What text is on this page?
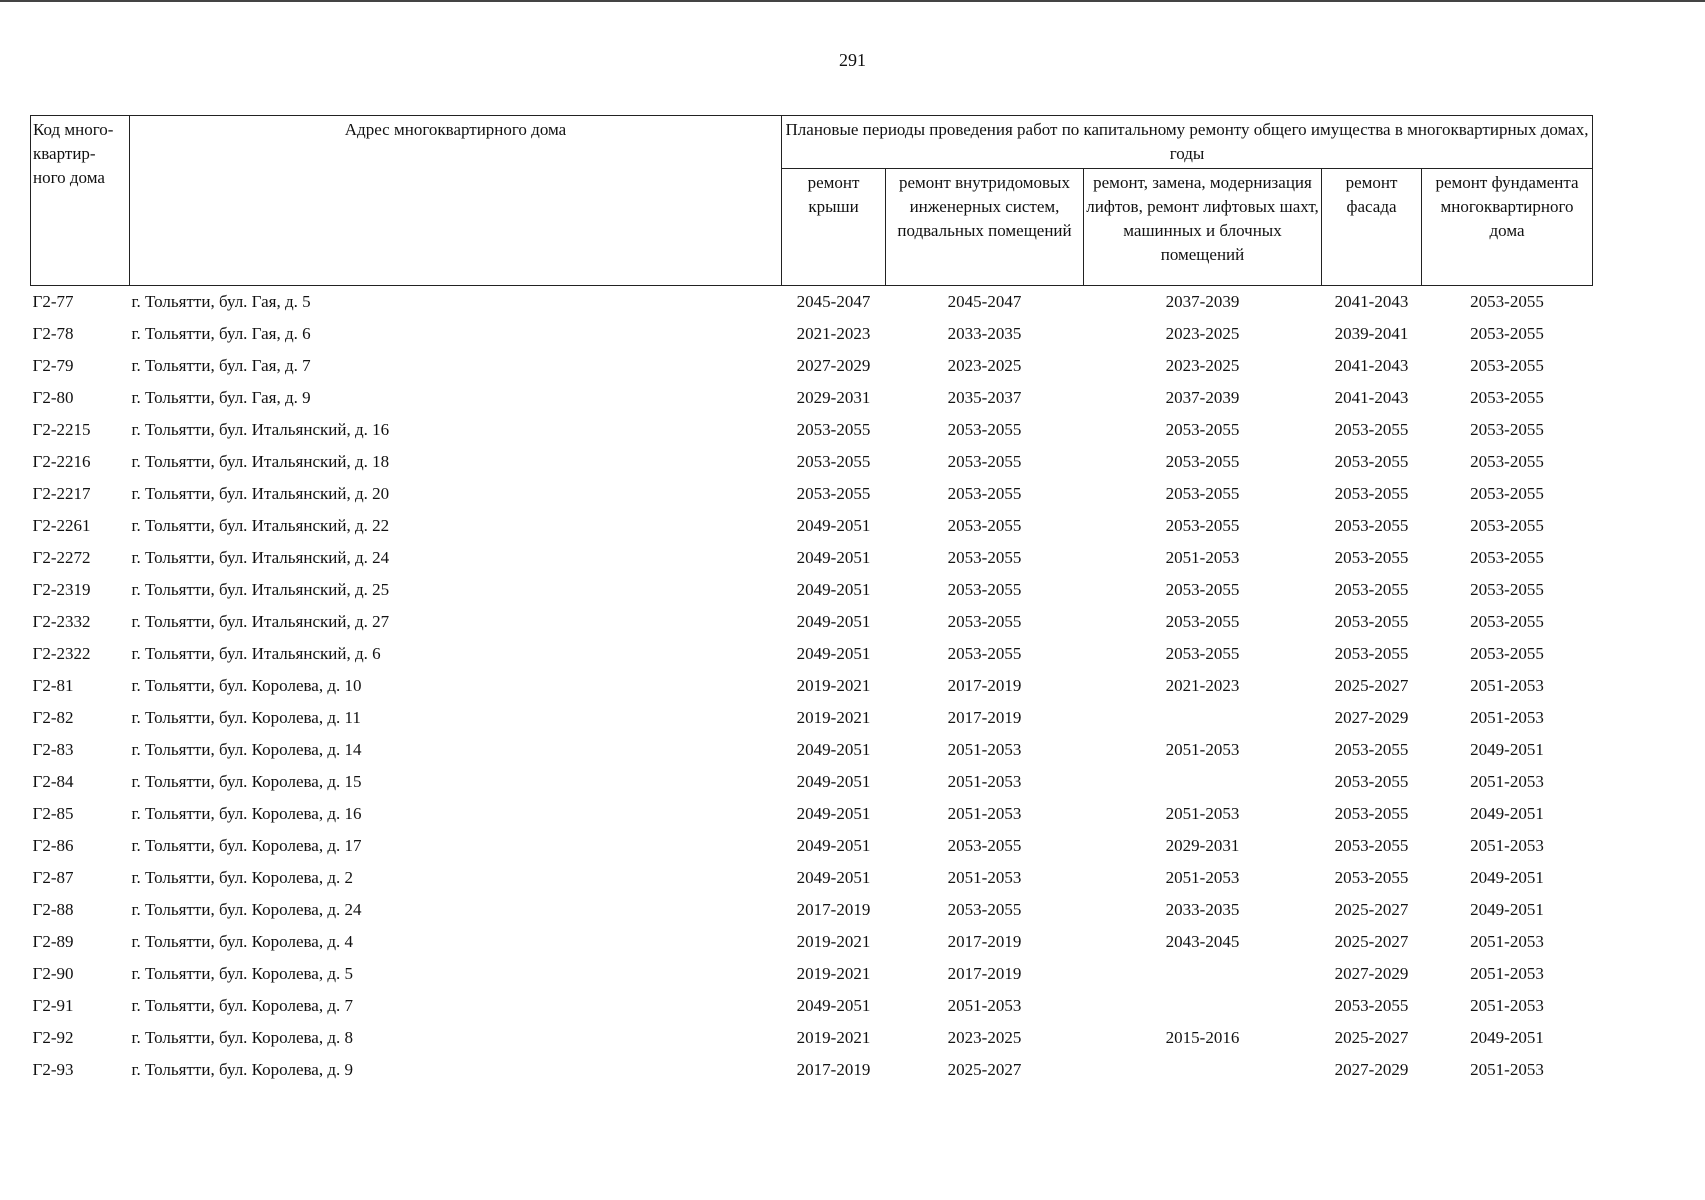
291
Код много-квартир-ного дома	Адрес многоквартирного дома	Плановые периоды проведения работ по капитальному ремонту общего имущества в многоквартирных домах, годы				
		ремонт крыши	ремонт внутридомовых инженерных систем, подвальных помещений	ремонт, замена, модернизация лифтов, ремонт лифтовых шахт, машинных и блочных помещений	ремонт фасада	ремонт фундамента многоквартирного дома
Г2-77	г. Тольятти, бул. Гая, д. 5	2045-2047	2045-2047	2037-2039	2041-2043	2053-2055
Г2-78	г. Тольятти, бул. Гая, д. 6	2021-2023	2033-2035	2023-2025	2039-2041	2053-2055
Г2-79	г. Тольятти, бул. Гая, д. 7	2027-2029	2023-2025	2023-2025	2041-2043	2053-2055
Г2-80	г. Тольятти, бул. Гая, д. 9	2029-2031	2035-2037	2037-2039	2041-2043	2053-2055
Г2-2215	г. Тольятти, бул. Итальянский, д. 16	2053-2055	2053-2055	2053-2055	2053-2055	2053-2055
Г2-2216	г. Тольятти, бул. Итальянский, д. 18	2053-2055	2053-2055	2053-2055	2053-2055	2053-2055
Г2-2217	г. Тольятти, бул. Итальянский, д. 20	2053-2055	2053-2055	2053-2055	2053-2055	2053-2055
Г2-2261	г. Тольятти, бул. Итальянский, д. 22	2049-2051	2053-2055	2053-2055	2053-2055	2053-2055
Г2-2272	г. Тольятти, бул. Итальянский, д. 24	2049-2051	2053-2055	2051-2053	2053-2055	2053-2055
Г2-2319	г. Тольятти, бул. Итальянский, д. 25	2049-2051	2053-2055	2053-2055	2053-2055	2053-2055
Г2-2332	г. Тольятти, бул. Итальянский, д. 27	2049-2051	2053-2055	2053-2055	2053-2055	2053-2055
Г2-2322	г. Тольятти, бул. Итальянский, д. 6	2049-2051	2053-2055	2053-2055	2053-2055	2053-2055
Г2-81	г. Тольятти, бул. Королева, д. 10	2019-2021	2017-2019	2021-2023	2025-2027	2051-2053
Г2-82	г. Тольятти, бул. Королева, д. 11	2019-2021	2017-2019		2027-2029	2051-2053
Г2-83	г. Тольятти, бул. Королева, д. 14	2049-2051	2051-2053	2051-2053	2053-2055	2049-2051
Г2-84	г. Тольятти, бул. Королева, д. 15	2049-2051	2051-2053		2053-2055	2051-2053
Г2-85	г. Тольятти, бул. Королева, д. 16	2049-2051	2051-2053	2051-2053	2053-2055	2049-2051
Г2-86	г. Тольятти, бул. Королева, д. 17	2049-2051	2053-2055	2029-2031	2053-2055	2051-2053
Г2-87	г. Тольятти, бул. Королева, д. 2	2049-2051	2051-2053	2051-2053	2053-2055	2049-2051
Г2-88	г. Тольятти, бул. Королева, д. 24	2017-2019	2053-2055	2033-2035	2025-2027	2049-2051
Г2-89	г. Тольятти, бул. Королева, д. 4	2019-2021	2017-2019	2043-2045	2025-2027	2051-2053
Г2-90	г. Тольятти, бул. Королева, д. 5	2019-2021	2017-2019		2027-2029	2051-2053
Г2-91	г. Тольятти, бул. Королева, д. 7	2049-2051	2051-2053		2053-2055	2051-2053
Г2-92	г. Тольятти, бул. Королева, д. 8	2019-2021	2023-2025	2015-2016	2025-2027	2049-2051
Г2-93	г. Тольятти, бул. Королева, д. 9	2017-2019	2025-2027		2027-2029	2051-2053
